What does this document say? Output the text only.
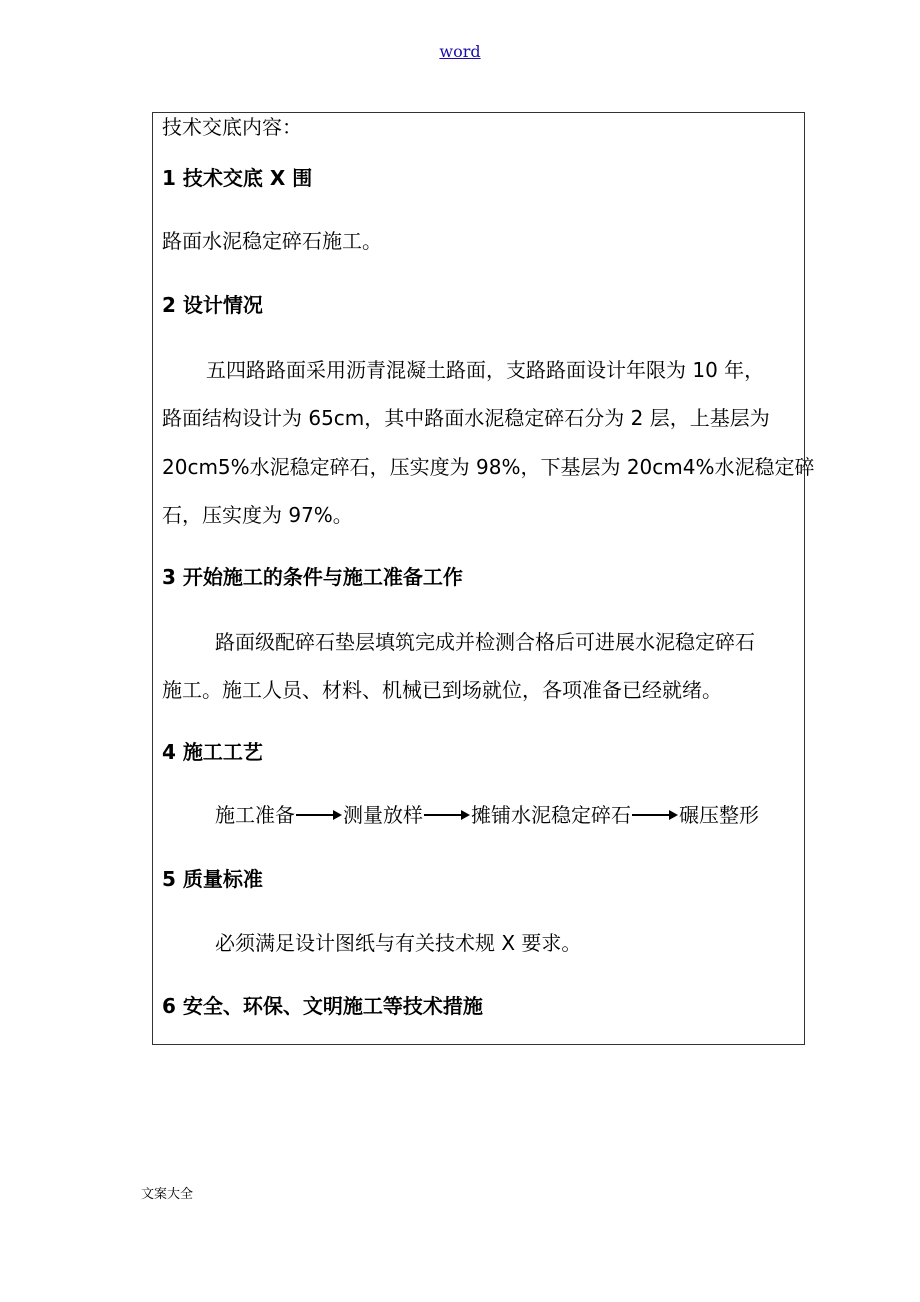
word
技术交底内容：
1 技术交底 X 围
路面水泥稳定碎石施工。
2 设计情况
五四路路面采用沥青混凝土路面，支路路面设计年限为 10 年，
路面结构设计为 65cm，其中路面水泥稳定碎石分为 2 层，上基层为
20cm5%水泥稳定碎石，压实度为 98%，下基层为 20cm4%水泥稳定碎
石，压实度为 97%。
3 开始施工的条件与施工准备工作
路面级配碎石垫层填筑完成并检测合格后可进展水泥稳定碎石
施工。施工人员、材料、机械已到场就位，各项准备已经就绪。
4 施工工艺
施工准备 测量放样 摊铺水泥稳定碎石 碾压整形
5 质量标准
必须满足设计图纸与有关技术规 X 要求。
6 安全、环保、文明施工等技术措施
文案大全
